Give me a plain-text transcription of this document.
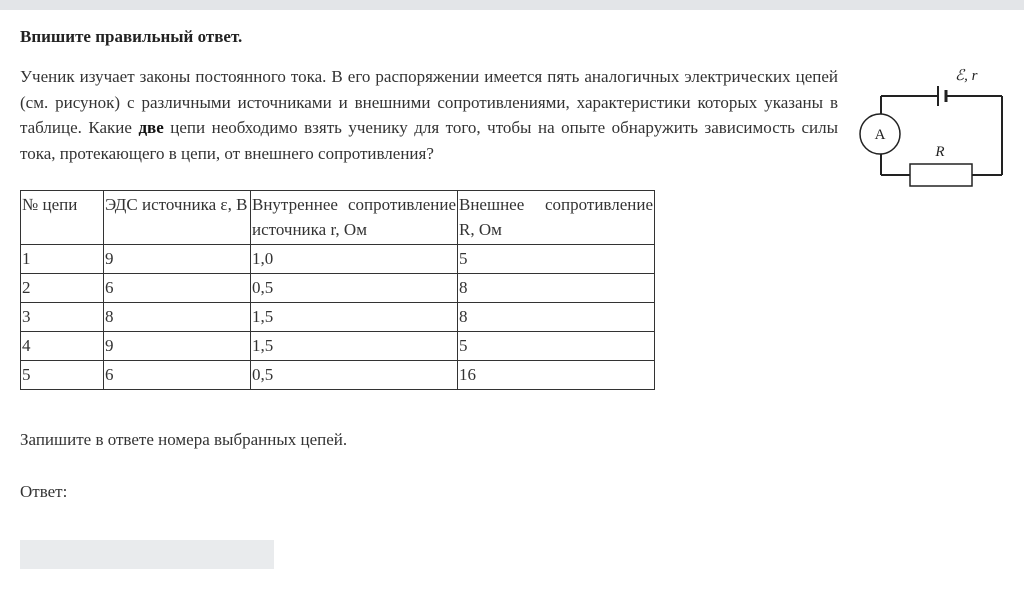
Впишите правильный ответ.

Ученик изучает законы постоянного тока. В его распоряжении имеется пять аналогичных электрических цепей (см. рисунок) с различными источниками и внешними сопротивлениями, характеристики которых указаны в таблице. Какие две цепи необходимо взять ученику для того, чтобы на опыте обнаружить зависимость силы тока, протекающего в цепи, от внешнего сопротивления?

A
ℰ, r
R
№ цепи	ЭДС источника ε, В	Внутреннее сопротивление источника r, Ом	Внешнее сопротивление R, Ом
1	9	1,0	5
2	6	0,5	8
3	8	1,5	8
4	9	1,5	5
5	6	0,5	16
Запишите в ответе номера выбранных цепей.
Ответ:
